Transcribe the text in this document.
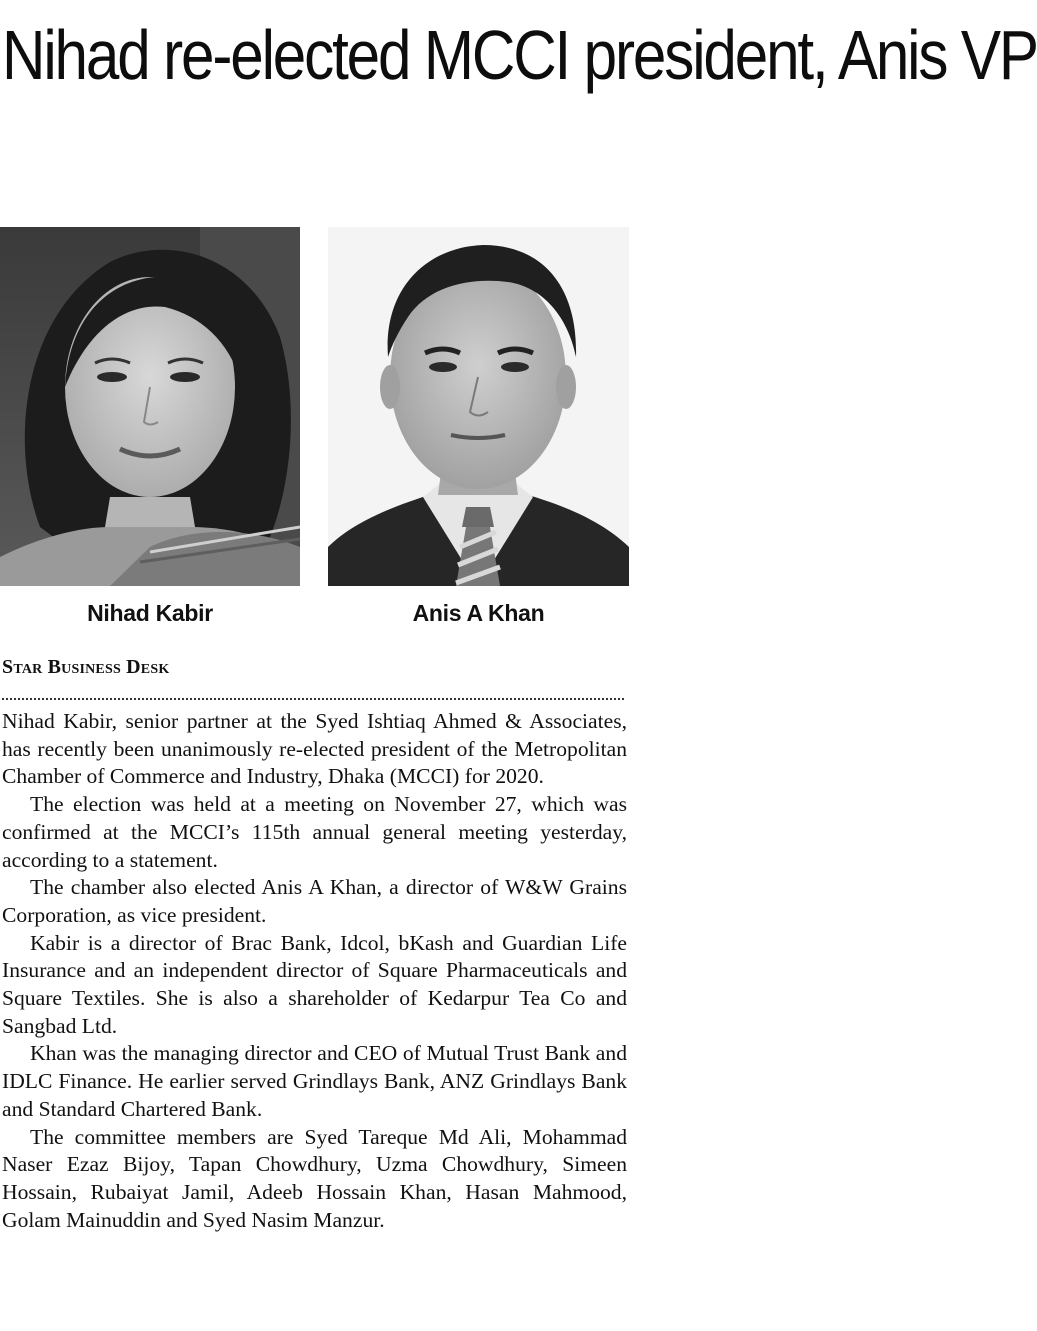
Nihad re-elected MCCI president, Anis VP
Nihad Kabir	Anis A Khan
Star Business Desk

Nihad Kabir, senior partner at the Syed Ishtiaq Ahmed & Associates, has recently been unanimously re-elected president of the Metropolitan Chamber of Commerce and Industry, Dhaka (MCCI) for 2020.

The election was held at a meeting on November 27, which was confirmed at the MCCI’s 115th annual general meeting yesterday, according to a statement.

The chamber also elected Anis A Khan, a director of W&W Grains Corporation, as vice president.

Kabir is a director of Brac Bank, Idcol, bKash and Guardian Life Insurance and an independent director of Square Pharmaceuticals and Square Textiles. She is also a shareholder of Kedarpur Tea Co and Sangbad Ltd.

Khan was the managing director and CEO of Mutual Trust Bank and IDLC Finance. He earlier served Grindlays Bank, ANZ Grindlays Bank and Standard Chartered Bank.

The committee members are Syed Tareque Md Ali, Mohammad Naser Ezaz Bijoy, Tapan Chowdhury, Uzma Chowdhury, Simeen Hossain, Rubaiyat Jamil, Adeeb Hossain Khan, Hasan Mahmood, Golam Mainuddin and Syed Nasim Manzur.
